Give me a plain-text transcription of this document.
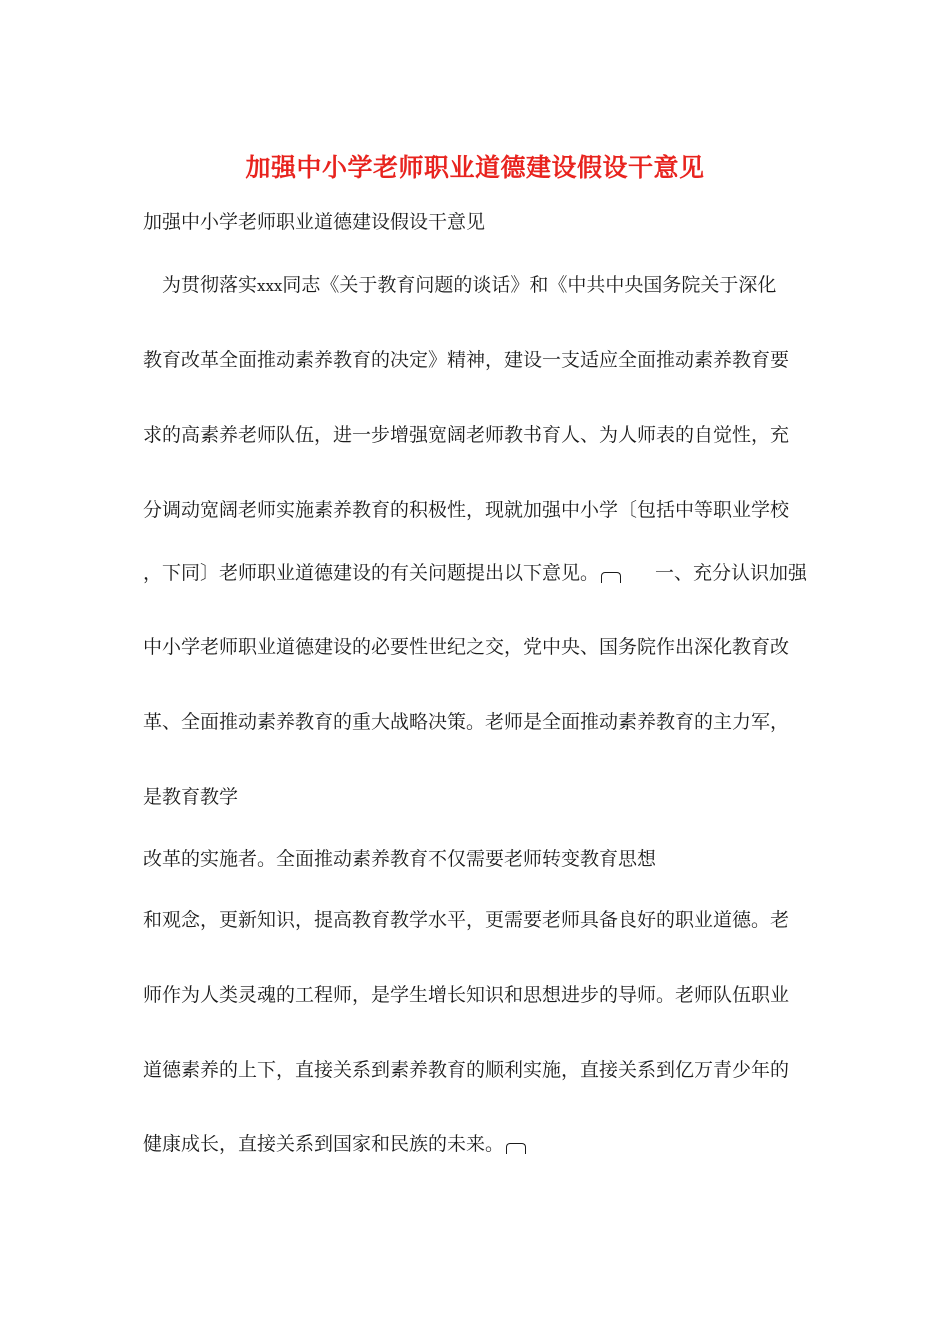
加强中小学老师职业道德建设假设干意见
加强中小学老师职业道德建设假设干意见
为贯彻落实xxx同志《关于教育问题的谈话》和《中共中央国务院关于深化
教育改革全面推动素养教育的决定》精神，建设一支适应全面推动素养教育要
求的高素养老师队伍，进一步增强宽阔老师教书育人、为人师表的自觉性，充
分调动宽阔老师实施素养教育的积极性，现就加强中小学〔包括中等职业学校
，下同〕老师职业道德建设的有关问题提出以下意见。	一、充分认识加强
中小学老师职业道德建设的必要性世纪之交，党中央、国务院作出深化教育改
革、全面推动素养教育的重大战略决策。老师是全面推动素养教育的主力军，
是教育教学
改革的实施者。全面推动素养教育不仅需要老师转变教育思想
和观念，更新知识，提高教育教学水平，更需要老师具备良好的职业道德。老
师作为人类灵魂的工程师，是学生增长知识和思想进步的导师。老师队伍职业
道德素养的上下，直接关系到素养教育的顺利实施，直接关系到亿万青少年的
健康成长，直接关系到国家和民族的未来。
